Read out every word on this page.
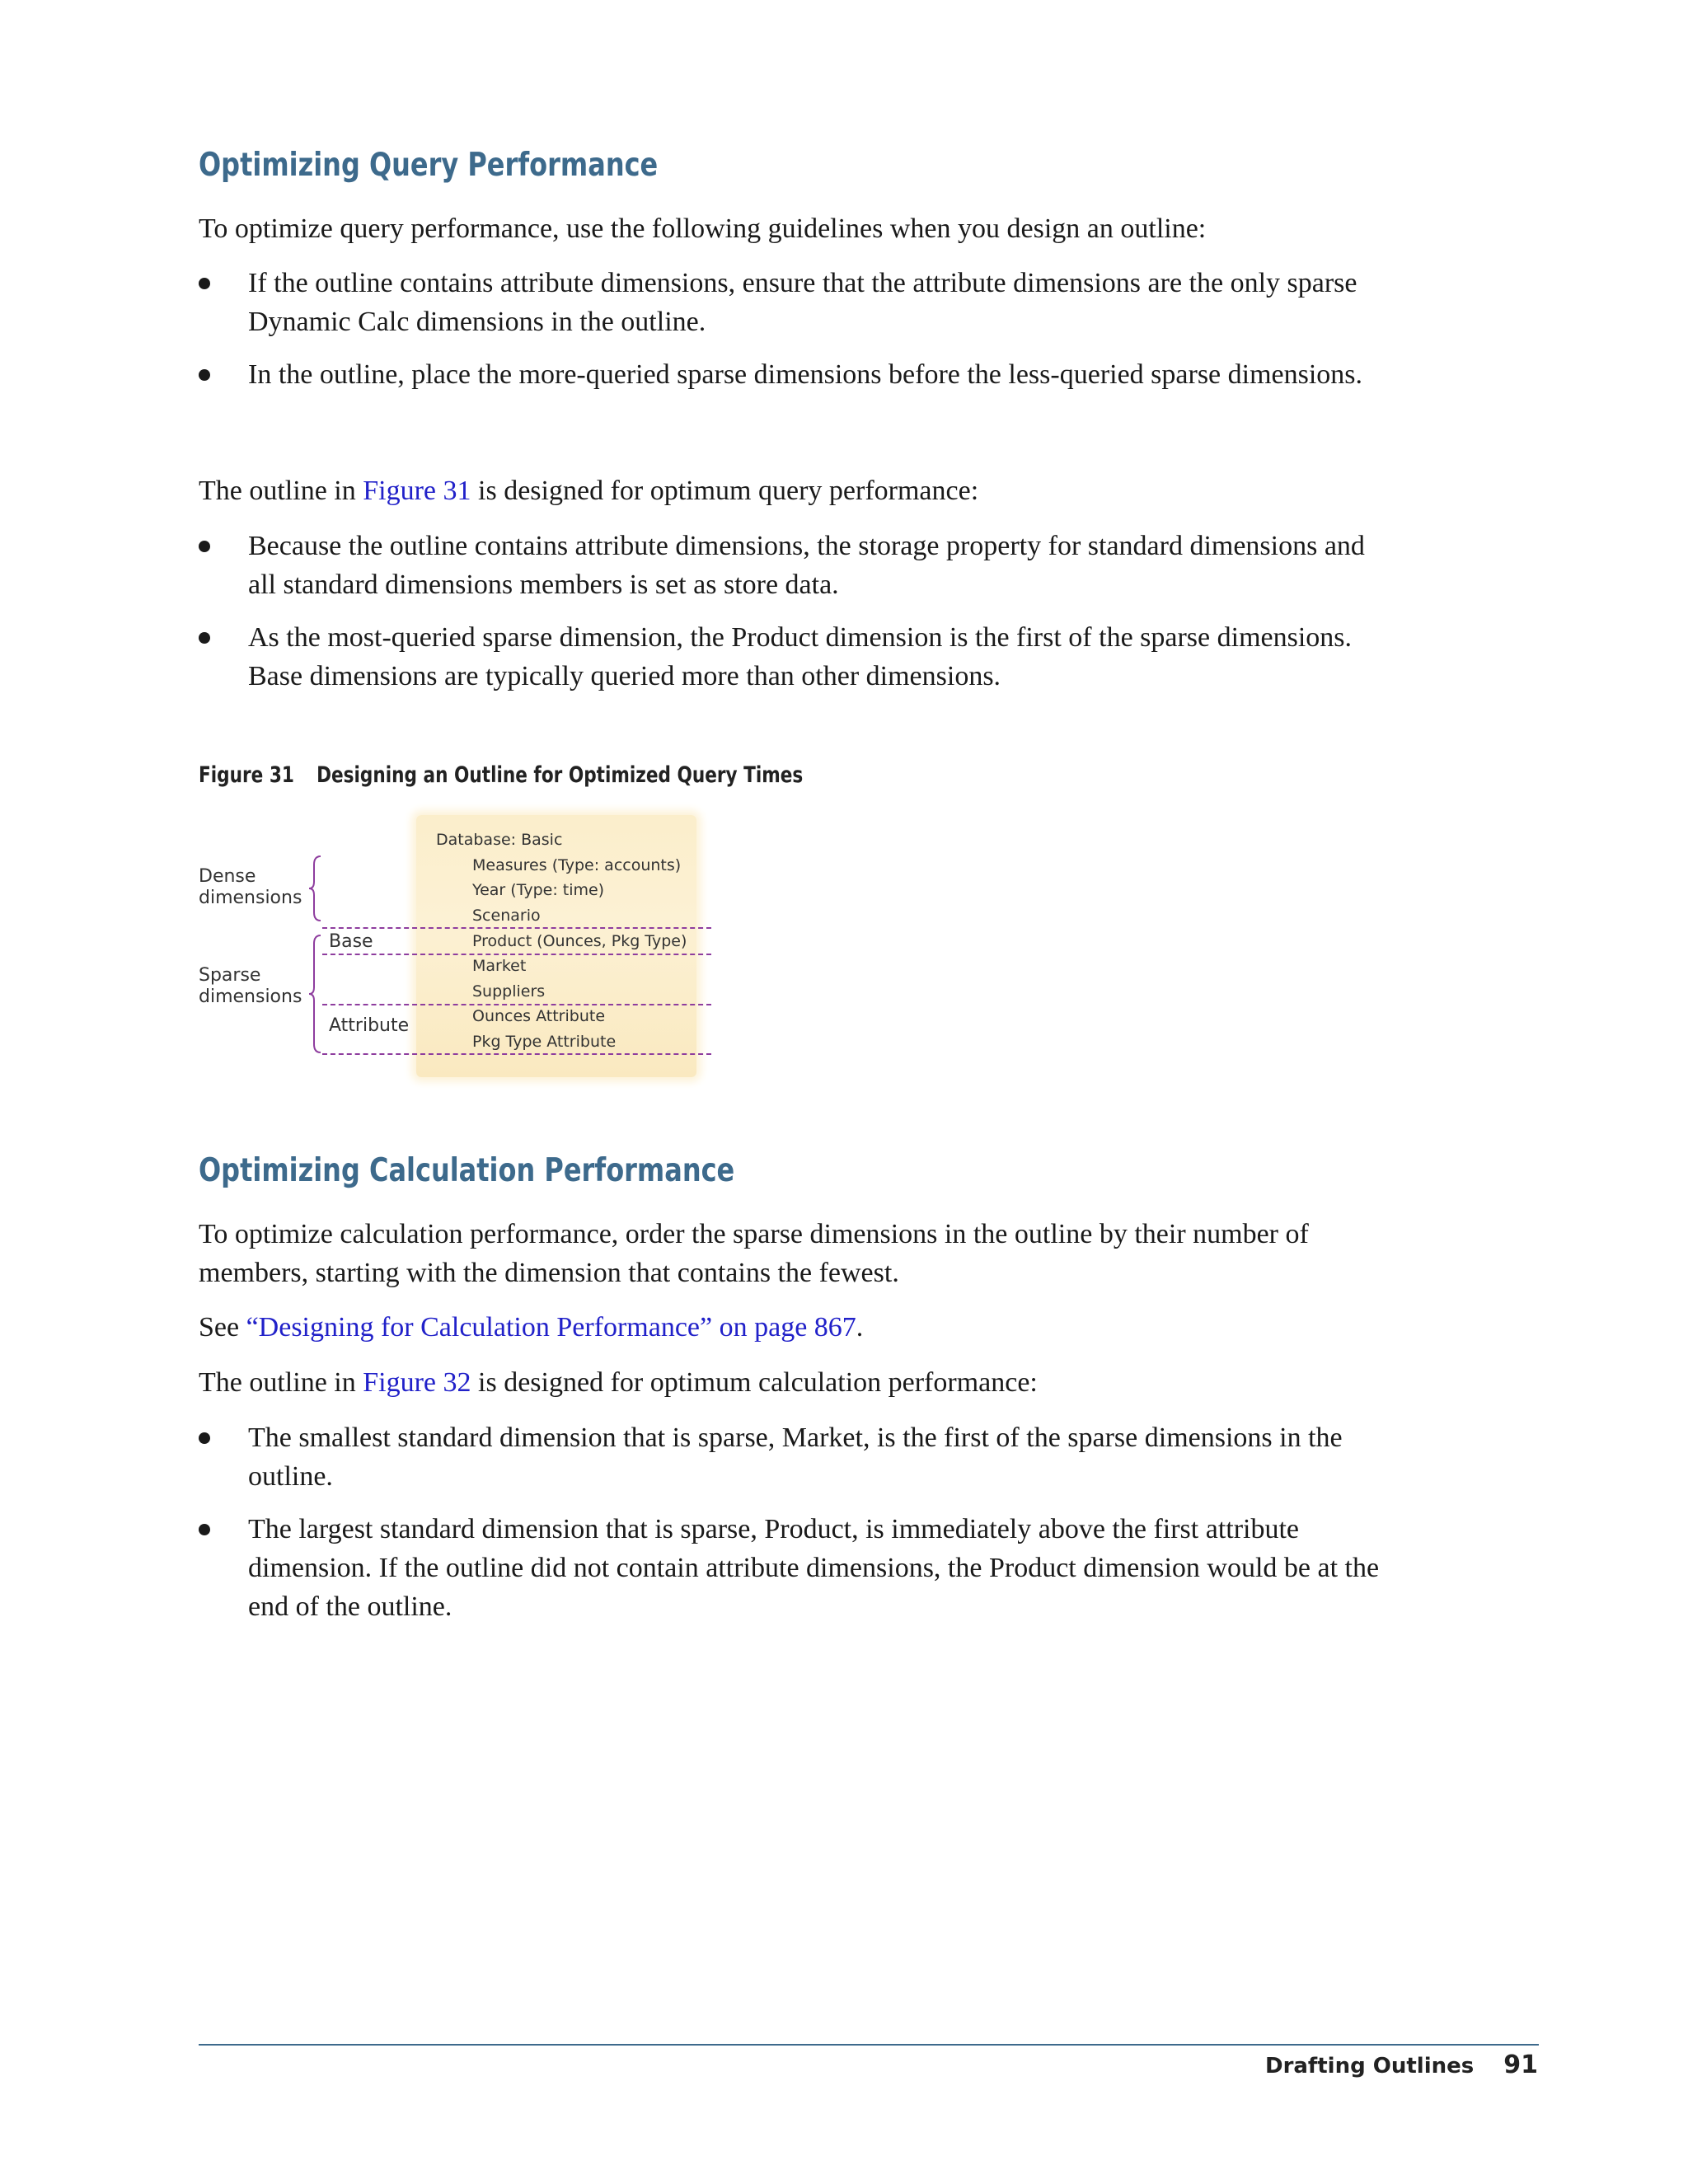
Optimizing Query Performance

To optimize query performance, use the following guidelines when you design an outline:

If the outline contains attribute dimensions, ensure that the attribute dimensions are the only sparse Dynamic Calc dimensions in the outline.
In the outline, place the more-queried sparse dimensions before the less-queried sparse dimensions.

The outline in Figure 31 is designed for optimum query performance:

Because the outline contains attribute dimensions, the storage property for standard dimensions and all standard dimensions members is set as store data.
As the most-queried sparse dimension, the Product dimension is the first of the sparse dimensions. Base dimensions are typically queried more than other dimensions.
Figure 31 Designing an Outline for Optimized Query Times
Database: Basic
Measures (Type: accounts)
Year (Type: time)
Scenario
Product (Ounces, Pkg Type)
Market
Suppliers
Ounces Attribute
Pkg Type Attribute
Dense
dimensions
Sparse
dimensions
Base
Attribute
Optimizing Calculation Performance

To optimize calculation performance, order the sparse dimensions in the outline by their number of members, starting with the dimension that contains the fewest.

See “Designing for Calculation Performance” on page 867.

The outline in Figure 32 is designed for optimum calculation performance:

The smallest standard dimension that is sparse, Market, is the first of the sparse dimensions in the outline.
The largest standard dimension that is sparse, Product, is immediately above the first attribute dimension. If the outline did not contain attribute dimensions, the Product dimension would be at the end of the outline.
Drafting Outlines 91
